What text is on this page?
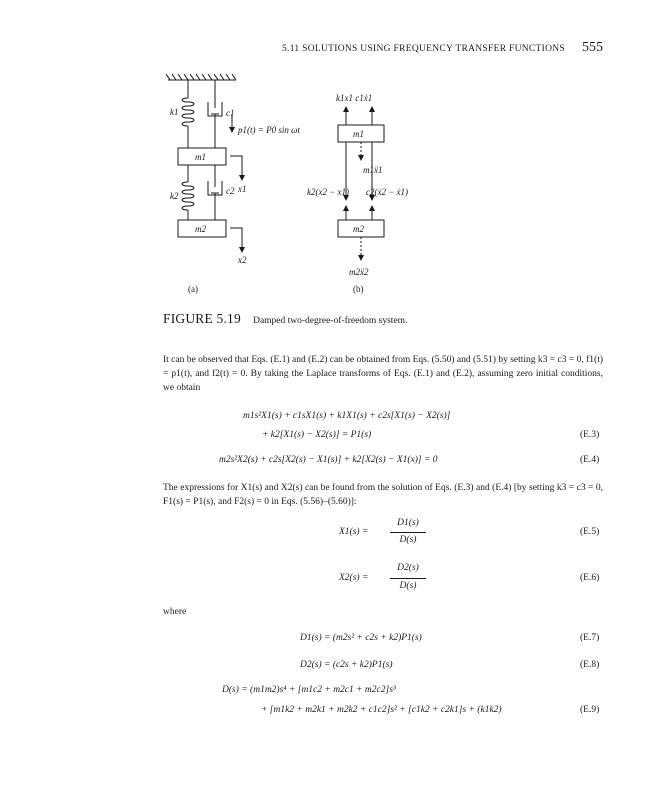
5.11 SOLUTIONS USING FREQUENCY TRANSFER FUNCTIONS 555
k1	c1
p1(t) = P0 sin ωt
m1
x1
k2	c2
m2
x2
(a)
k1x1 c1ẋ1
m1
m1ẍ1
k2(x2 − x1) c2(ẋ2 − ẋ1)
m2
m2ẍ2
(b)
FIGURE 5.19 Damped two-degree-of-freedom system.
It can be observed that Eqs. (E.1) and (E.2) can be obtained from Eqs. (5.50) and (5.51) by setting k3 = c3 = 0, f1(t) = p1(t), and f2(t) = 0. By taking the Laplace transforms of Eqs. (E.1) and (E.2), assuming zero initial conditions, we obtain
m1s²X1(s) + c1sX1(s) + k1X1(s) + c2s[X1(s) − X2(s)]
+ k2[X1(s) − X2(s)] = P1(s)	(E.3)
m2s²X2(s) + c2s[X2(s) − X1(s)] + k2[X2(s) − X1(x)] = 0	(E.4)
The expressions for X1(s) and X2(s) can be found from the solution of Eqs. (E.3) and (E.4) [by setting k3 = c3 = 0, F1(s) = P1(s), and F2(s) = 0 in Eqs. (5.56)–(5.60)]:
X1(s) =
D1(s)
D(s)
(E.5)
X2(s) =
D2(s)
D(s)
(E.6)
where
D1(s) = (m2s² + c2s + k2)P1(s)	(E.7)
D2(s) = (c2s + k2)P1(s)	(E.8)
D(s) = (m1m2)s⁴ + [m1c2 + m2c1 + m2c2]s³
+ [m1k2 + m2k1 + m2k2 + c1c2]s² + [c1k2 + c2k1]s + (k1k2)	(E.9)
